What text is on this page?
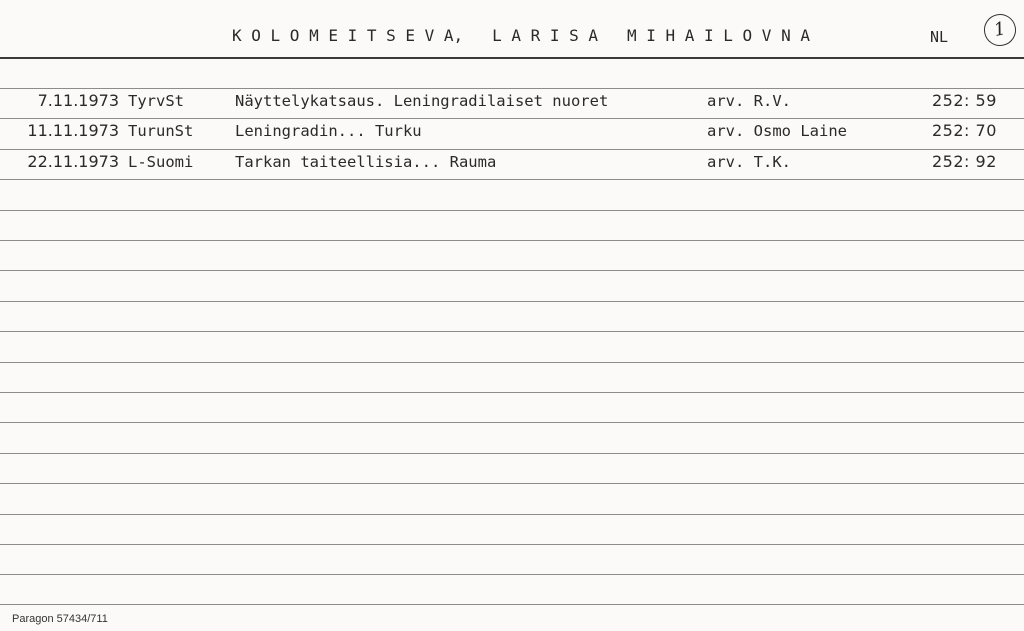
K O L O M E I T S E V A,   L A R I S A   M I H A I L O V N A	NL	1
7.11.1973 TyrvSt	Näyttelykatsaus. Leningradilaiset nuoret	arv. R.V.	252: 59
11.11.1973 TurunSt	Leningradin... Turku	arv. Osmo Laine	252: 70
22.11.1973 L-Suomi	Tarkan taiteellisia... Rauma	arv. T.K.	252: 92
Paragon 57434/711
